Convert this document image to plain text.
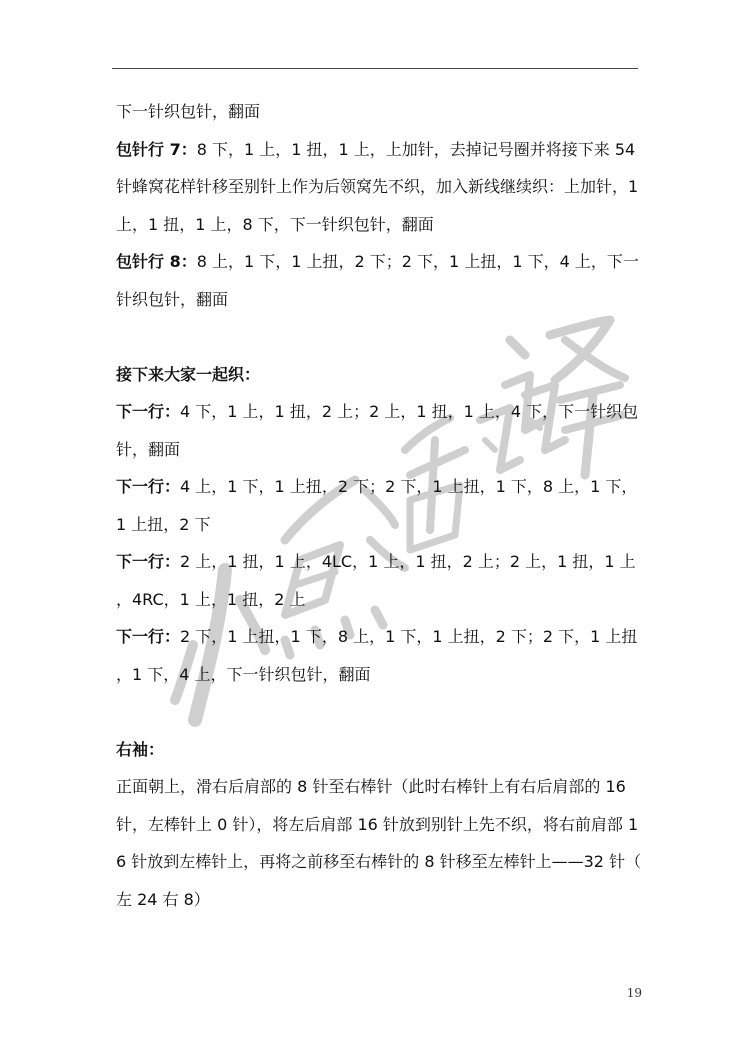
下一针织包针，翻面

包针行 7：8 下，1 上，1 扭，1 上，上加针，去掉记号圈并将接下来 54 针蜂窝花样针移至别针上作为后领窝先不织，加入新线继续织：上加针，1 上，1 扭，1 上，8 下，下一针织包针，翻面

包针行 8：8 上，1 下，1 上扭，2 下；2 下，1 上扭，1 下，4 上，下一针织包针，翻面

接下来大家一起织：

下一行：4 下，1 上，1 扭，2 上；2 上，1 扭，1 上，4 下，下一针织包针，翻面

下一行：4 上，1 下，1 上扭，2 下；2 下，1 上扭，1 下，8 上，1 下，1 上扭，2 下

下一行：2 上，1 扭，1 上，4LC，1 上，1 扭，2 上；2 上，1 扭，1 上，4RC，1 上，1 扭，2 上

下一行：2 下，1 上扭，1 下，8 上，1 下，1 上扭，2 下；2 下，1 上扭，1 下，4 上，下一针织包针，翻面

右袖：

正面朝上，滑右后肩部的 8 针至右棒针（此时右棒针上有右后肩部的 16 针，左棒针上 0 针），将左后肩部 16 针放到别针上先不织，将右前肩部 16 针放到左棒针上，再将之前移至右棒针的 8 针移至左棒针上——32 针（左 24 右 8）

19
